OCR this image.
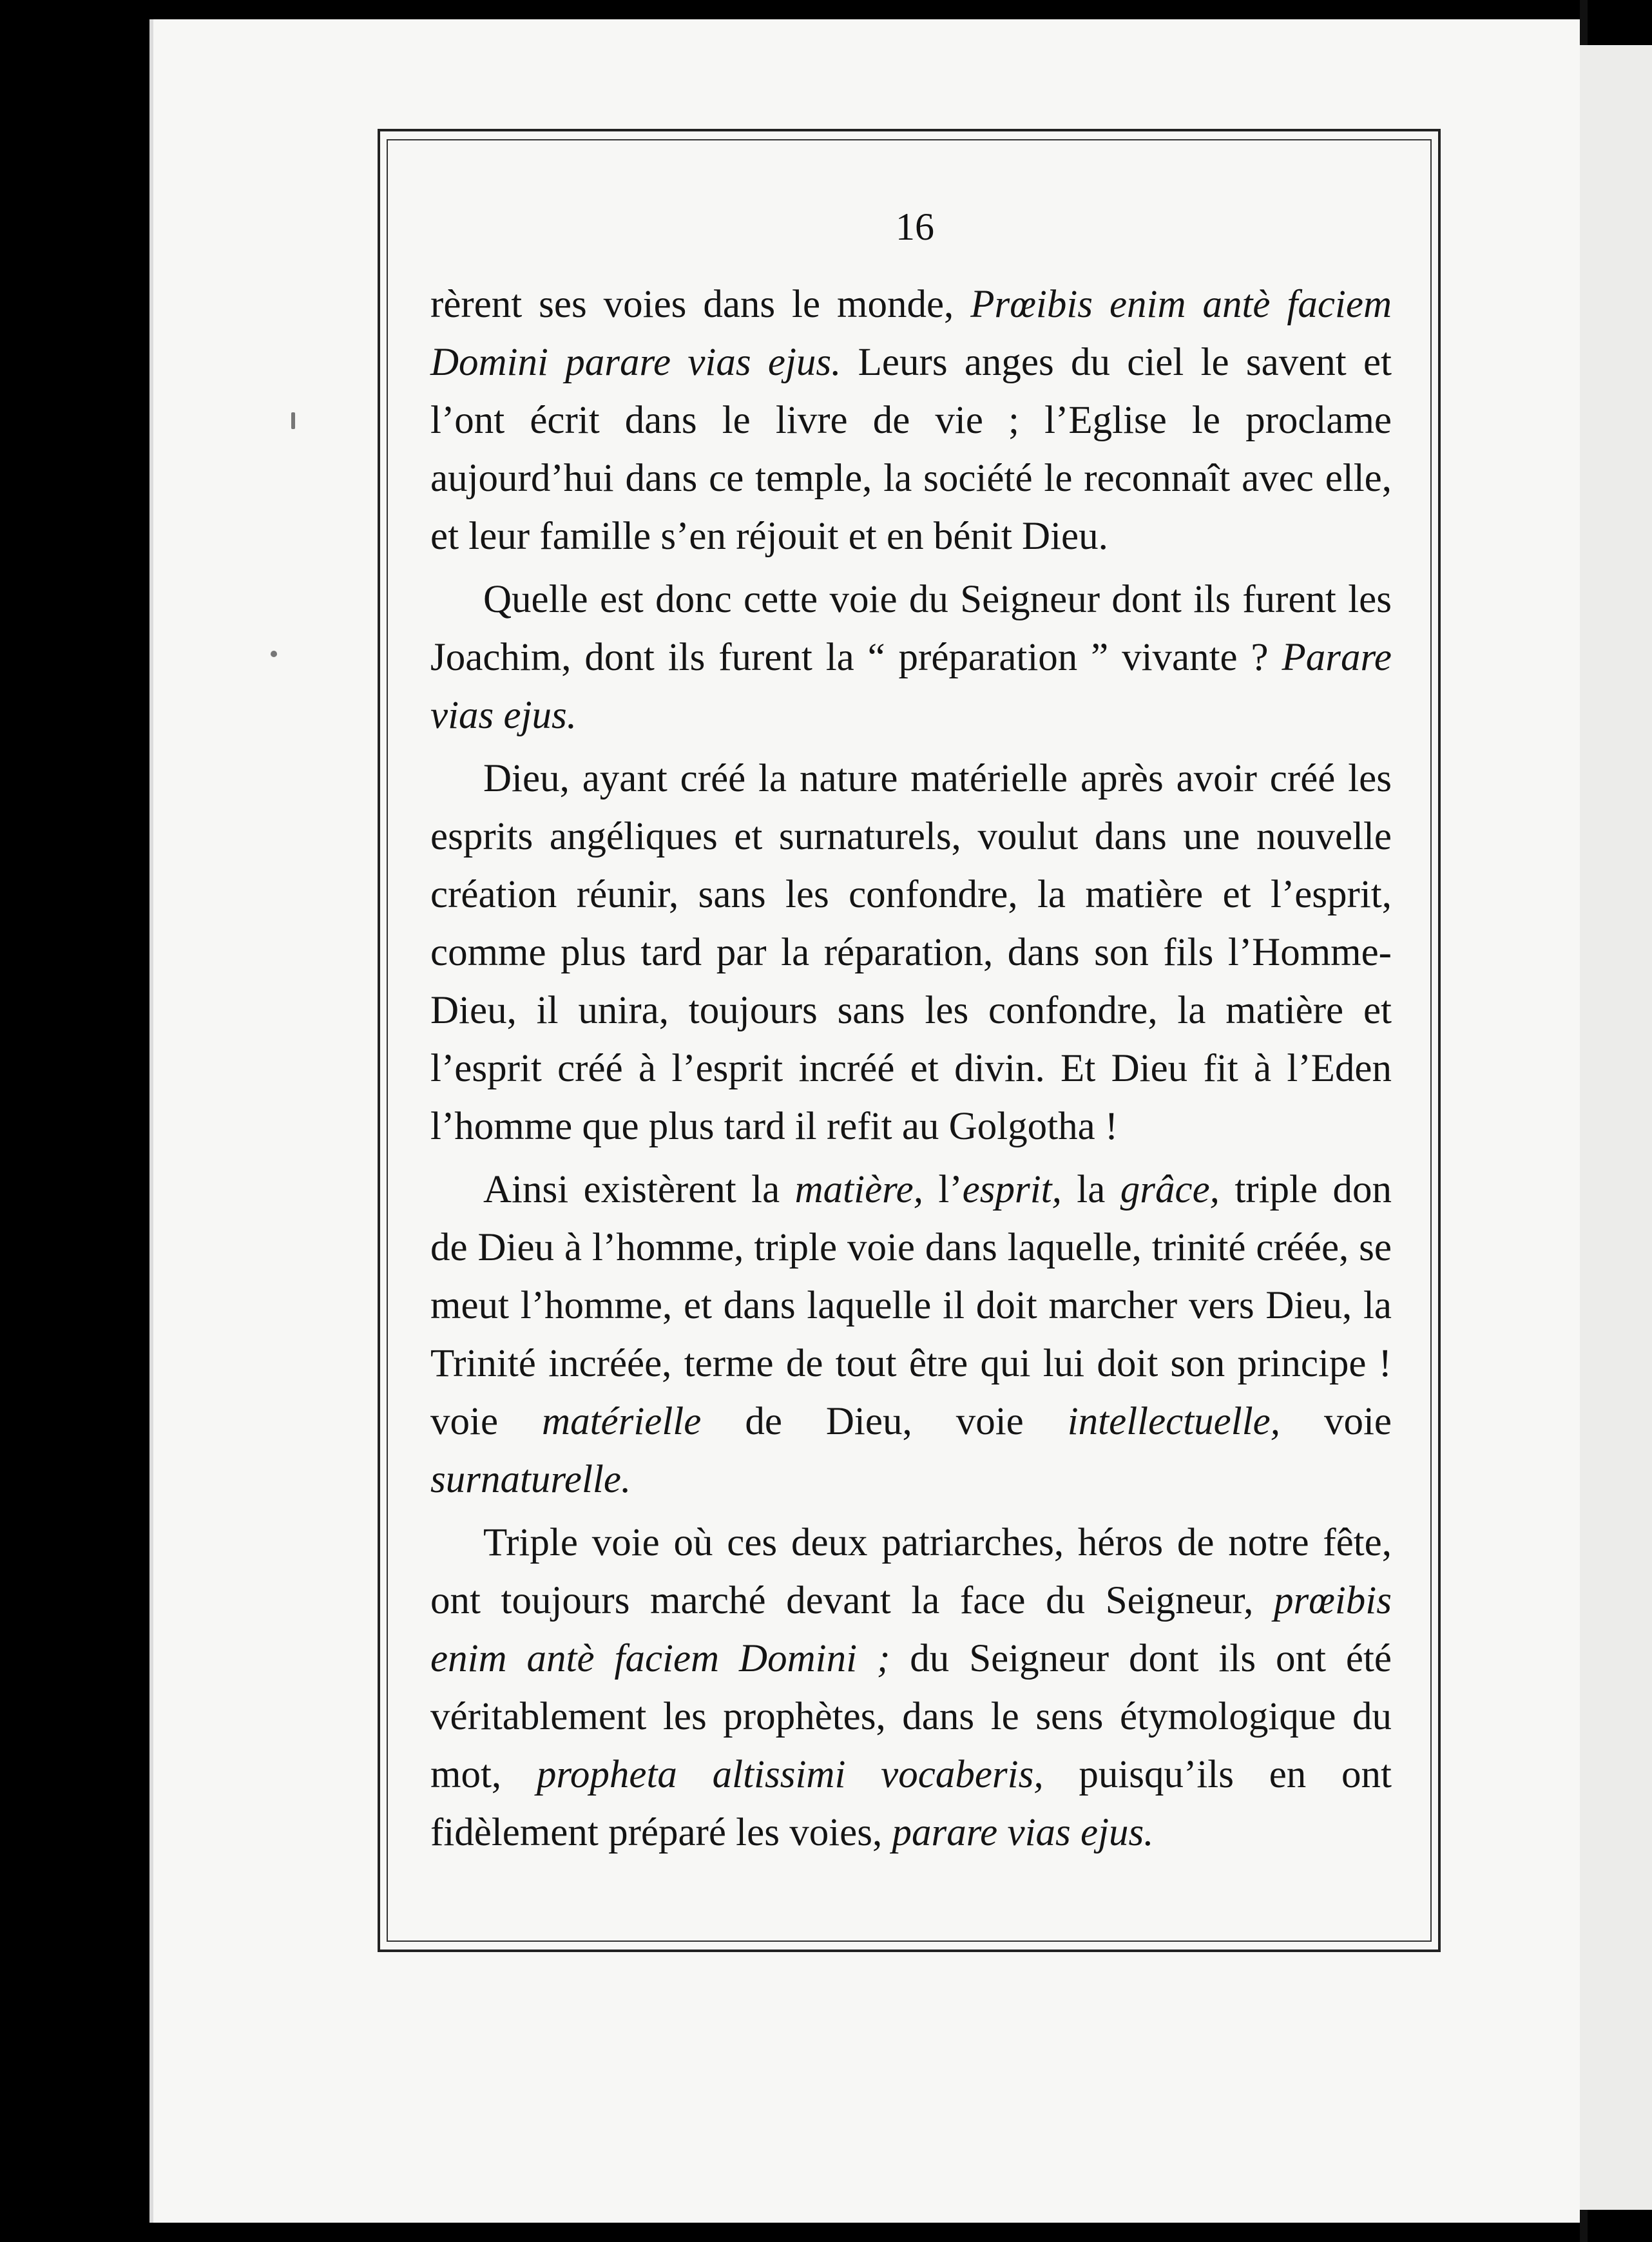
16

rèrent ses voies dans le monde, Prœibis enim antè faciem Domini parare vias ejus. Leurs anges du ciel le savent et l’ont écrit dans le livre de vie ; l’Eglise le proclame aujourd’hui dans ce temple, la société le reconnaît avec elle, et leur famille s’en réjouit et en bénit Dieu.

Quelle est donc cette voie du Seigneur dont ils furent les Joachim, dont ils furent la “ préparation ” vivante ? Parare vias ejus.

Dieu, ayant créé la nature matérielle après avoir créé les esprits angéliques et surnaturels, voulut dans une nouvelle création réunir, sans les confondre, la matière et l’esprit, comme plus tard par la réparation, dans son fils l’Homme-Dieu, il unira, toujours sans les confondre, la matière et l’esprit créé à l’esprit incréé et divin. Et Dieu fit à l’Eden l’homme que plus tard il refit au Golgotha !

Ainsi existèrent la matière, l’esprit, la grâce, triple don de Dieu à l’homme, triple voie dans laquelle, trinité créée, se meut l’homme, et dans laquelle il doit marcher vers Dieu, la Trinité incréée, terme de tout être qui lui doit son principe ! voie matérielle de Dieu, voie intellectuelle, voie surnaturelle.

Triple voie où ces deux patriarches, héros de notre fête, ont toujours marché devant la face du Seigneur, prœibis enim antè faciem Domini ; du Seigneur dont ils ont été véritablement les prophètes, dans le sens étymologique du mot, propheta altissimi vocaberis, puisqu’ils en ont fidèlement préparé les voies, parare vias ejus.
